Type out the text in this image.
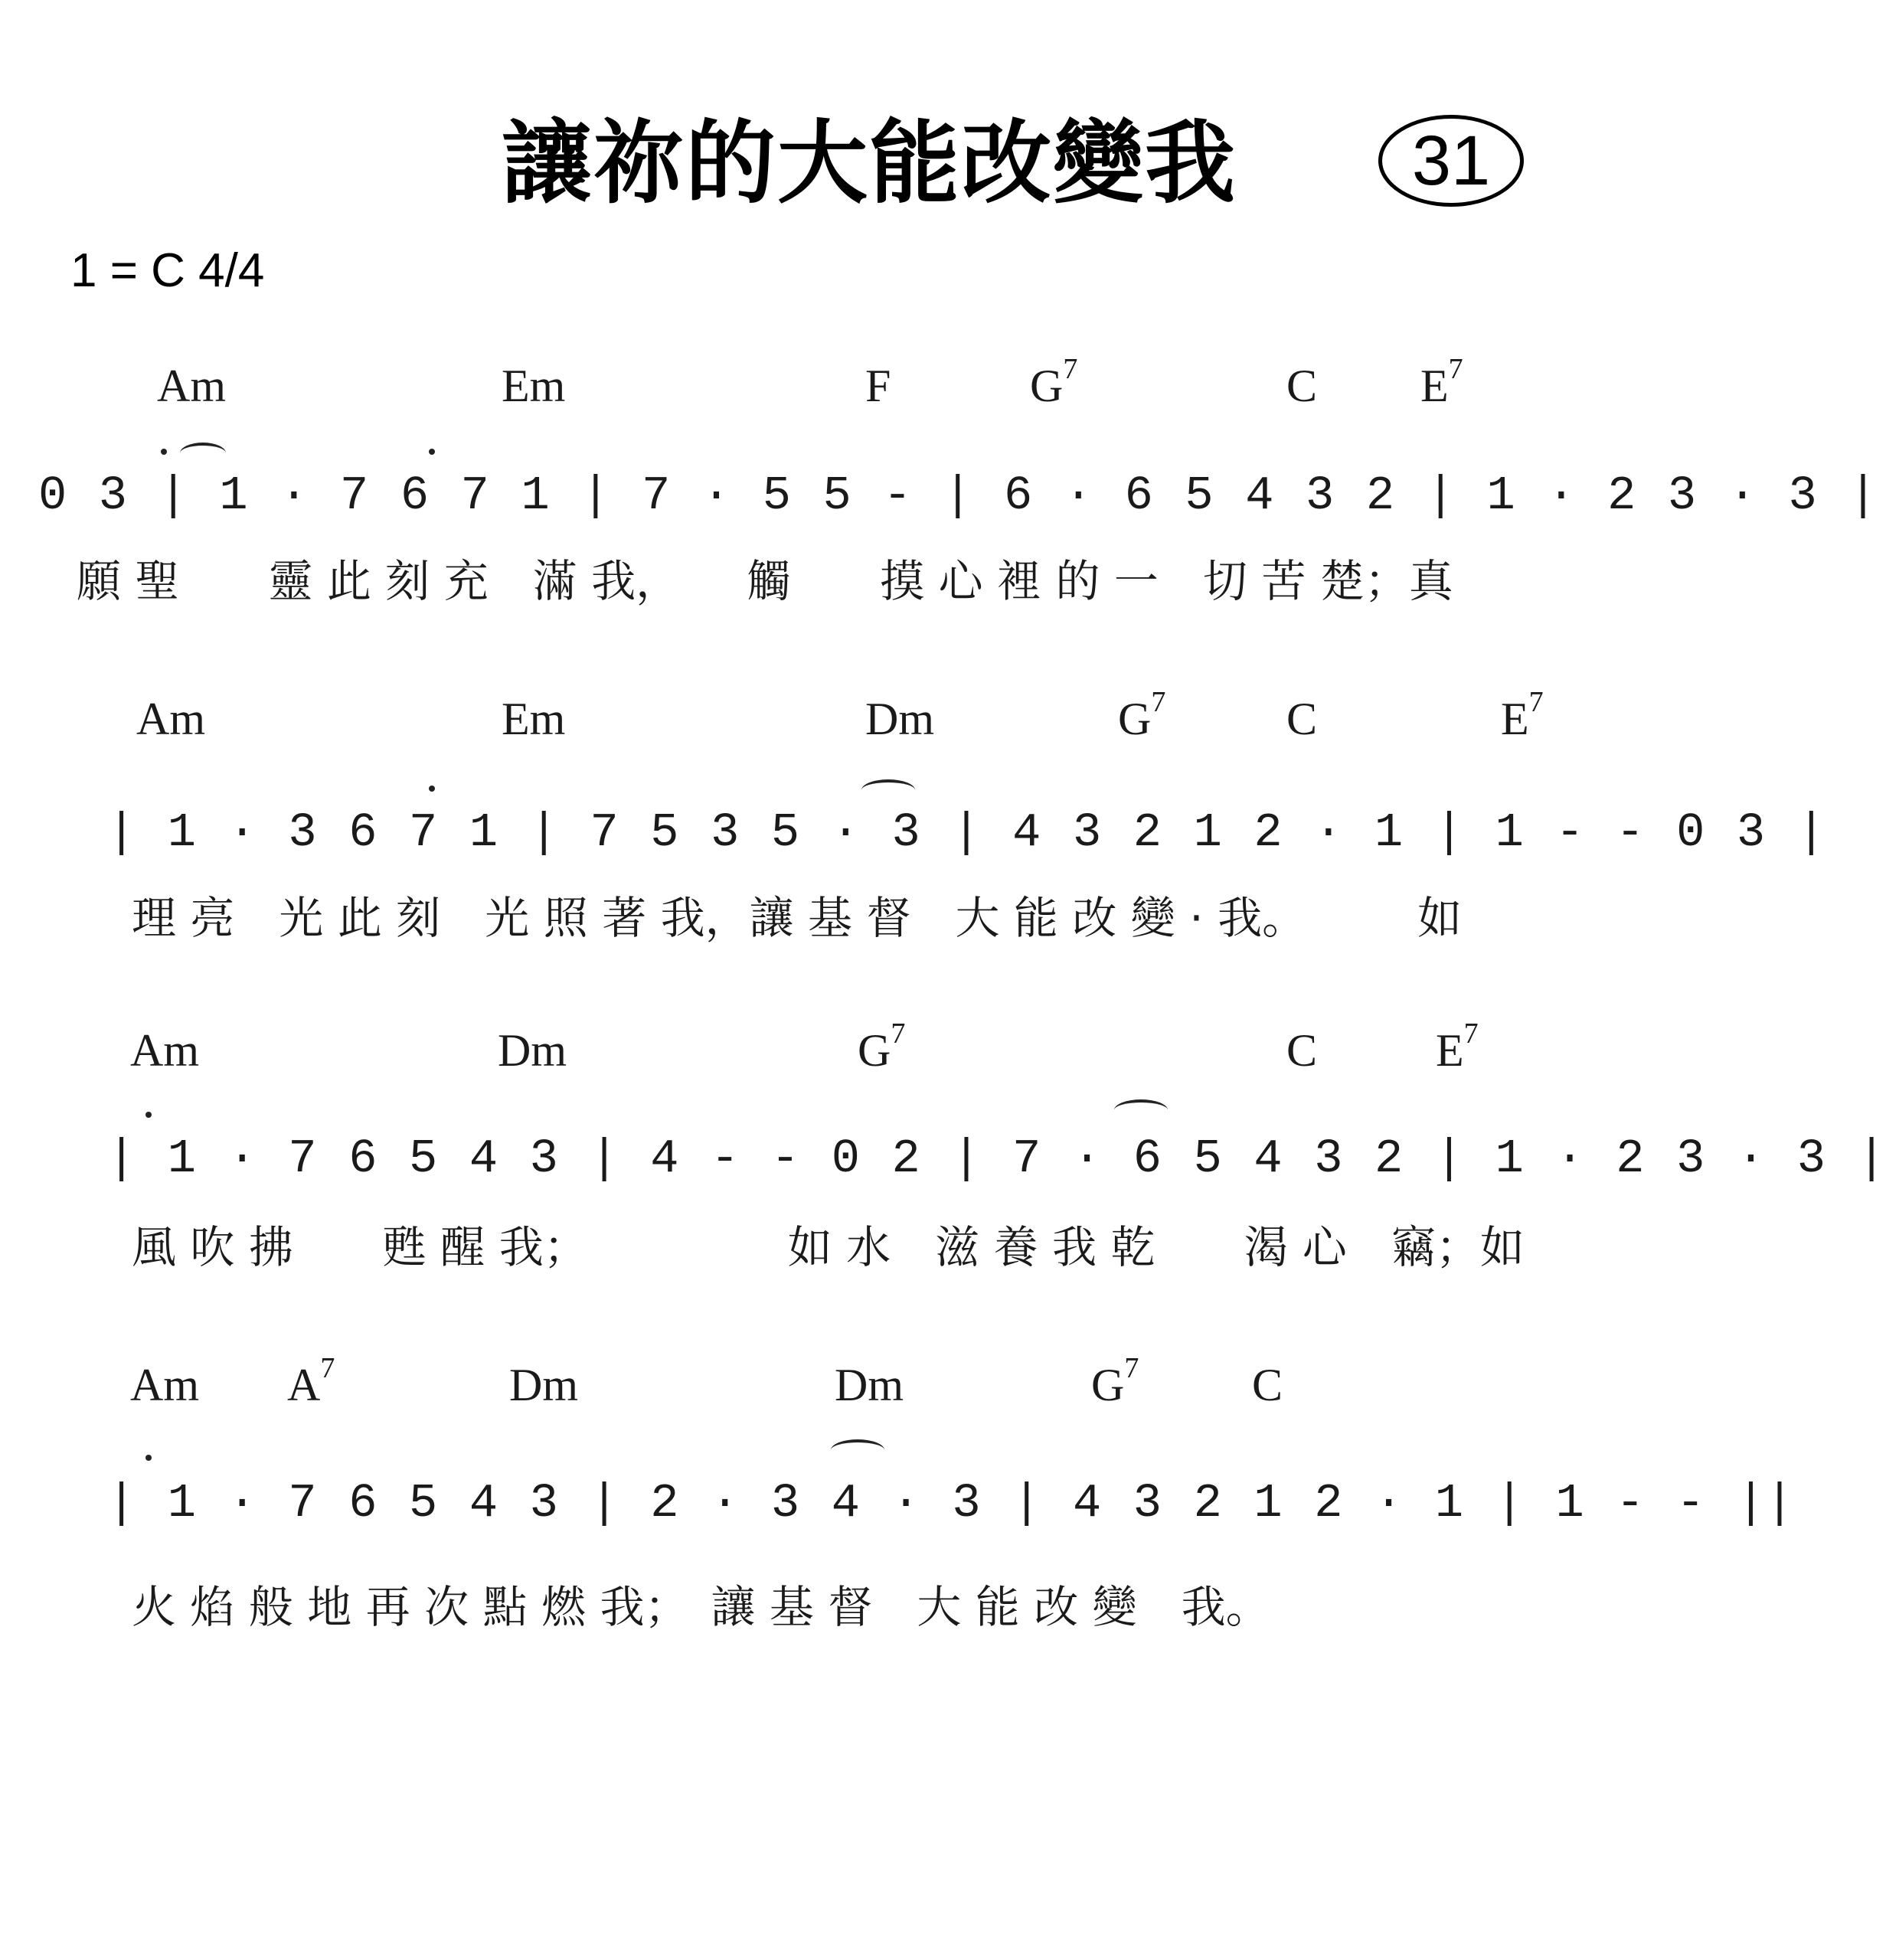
讓祢的大能改變我 31
1 = C 4/4
Am	Em	F	$G^7$	C $E^7$
0 3 | 1 · 7 6 7 1 | 7 · 5 5 - | 6 · 6 5 4 3 2 | 1 · 2 3 · 3 |
願 聖　　靈 此 刻 充　滿 我，　　觸　　摸 心 裡 的 一　切 苦 楚；真
Am	Em	Dm	$G^7$	C	$E^7$
| 1 · 3 6 7 1 | 7 5 3 5 · 3 | 4 3 2 1 2 · 1 | 1 - - 0 3 |
理 亮　光 此 刻　光 照 著 我，讓 基 督　大 能 改 變 · 我。　　　如
Am	Dm	$G^7$	C	$E^7$
| 1 · 7 6 5 4 3 | 4 - - 0 2 | 7 · 6 5 4 3 2 | 1 · 2 3 · 3 |
風 吹 拂　　甦 醒 我；　　　　　如 水　滋 養 我 乾　　渴 心　竊；如
Am $A^7$	Dm	Dm	$G^7$ C
| 1 · 7 6 5 4 3 | 2 · 3 4 · 3 | 4 3 2 1 2 · 1 | 1 - - ||
火 焰 般 地 再 次 點 燃 我；　讓 基 督　大 能 改 變　我。
